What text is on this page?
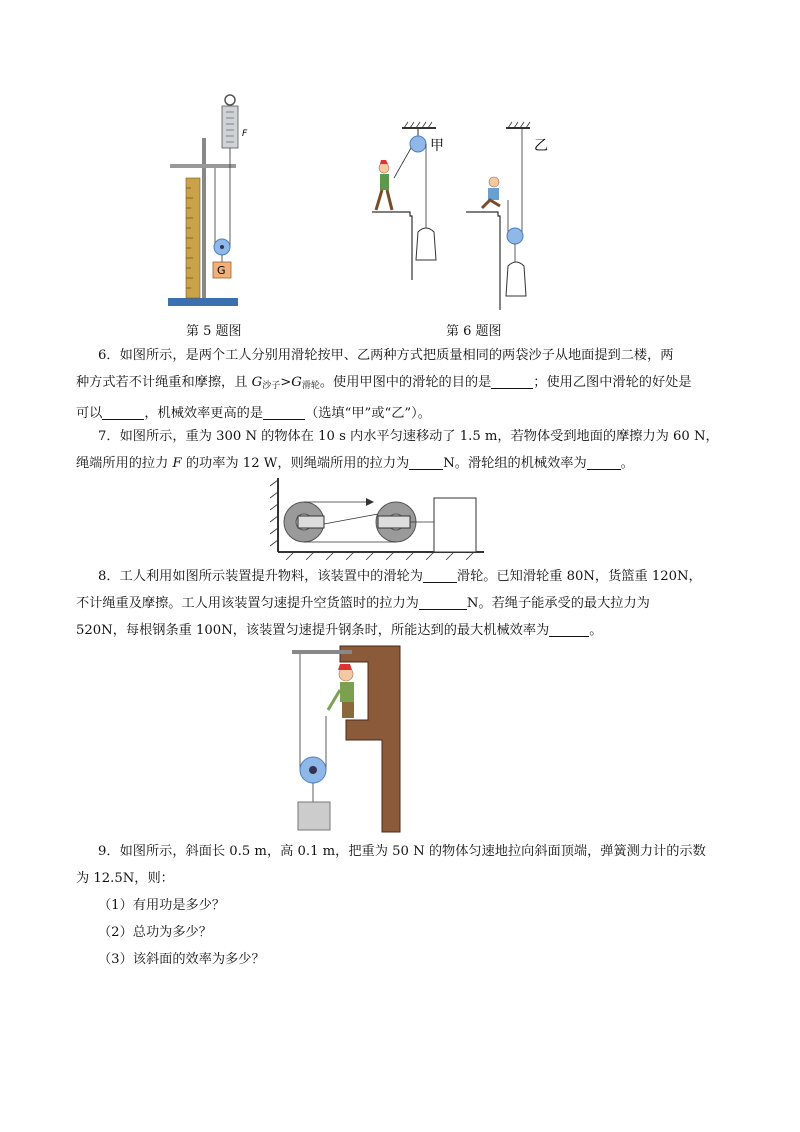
F
G
第 5 题图
甲	乙
第 6 题图
6．如图所示，是两个工人分别用滑轮按甲、乙两种方式把质量相同的两袋沙子从地面提到二楼，两
种方式若不计绳重和摩擦，且 $G_{沙子}>G_{滑轮}$。使用甲图中的滑轮的目的是	；使用乙图中滑轮的好处是
可以	，机械效率更高的是	（选填“甲”或“乙”）。
7．如图所示，重为 300 N 的物体在 10 s 内水平匀速移动了 1.5 m，若物体受到地面的摩擦力为 60 N，
绳端所用的拉力 F 的功率为 12 W，则绳端所用的拉力为	N。滑轮组的机械效率为	。
8．工人利用如图所示装置提升物料，该装置中的滑轮为	滑轮。已知滑轮重 80N，货篮重 120N，
不计绳重及摩擦。工人用该装置匀速提升空货篮时的拉力为	N。若绳子能承受的最大拉力为
520N，每根钢条重 100N，该装置匀速提升钢条时，所能达到的最大机械效率为	。
9．如图所示，斜面长 0.5 m，高 0.1 m，把重为 50 N 的物体匀速地拉向斜面顶端，弹簧测力计的示数
为 12.5N，则：
（1）有用功是多少？
（2）总功为多少？
（3）该斜面的效率为多少？
